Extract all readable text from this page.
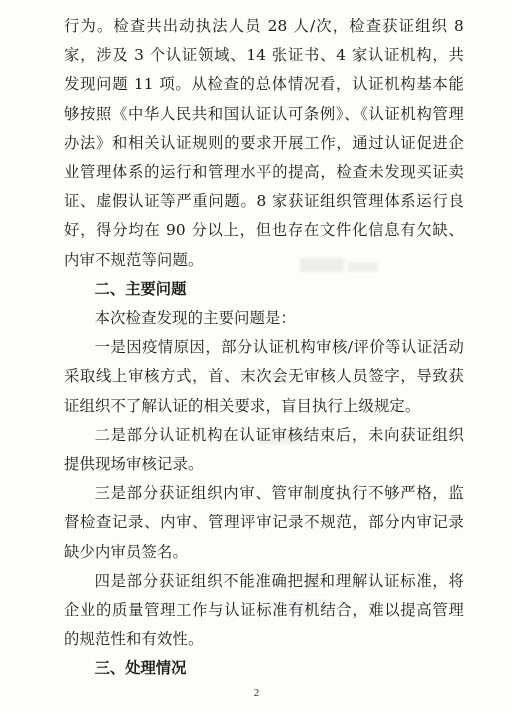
行为。检查共出动执法人员 28 人/次，检查获证组织 8 家，涉及 3 个认证领域、14 张证书、4 家认证机构，共发现问题 11 项。从检查的总体情况看，认证机构基本能够按照《中华人民共和国认证认可条例》、《认证机构管理办法》和相关认证规则的要求开展工作，通过认证促进企业管理体系的运行和管理水平的提高，检查未发现买证卖证、虚假认证等严重问题。8 家获证组织管理体系运行良好，得分均在 90 分以上，但也存在文件化信息有欠缺、内审不规范等问题。

二、主要问题

本次检查发现的主要问题是：

一是因疫情原因，部分认证机构审核/评价等认证活动采取线上审核方式，首、末次会无审核人员签字，导致获证组织不了解认证的相关要求，盲目执行上级规定。

二是部分认证机构在认证审核结束后，未向获证组织提供现场审核记录。

三是部分获证组织内审、管审制度执行不够严格，监督检查记录、内审、管理评审记录不规范，部分内审记录缺少内审员签名。

四是部分获证组织不能准确把握和理解认证标准，将企业的质量管理工作与认证标准有机结合，难以提高管理的规范性和有效性。

三、处理情况

2
